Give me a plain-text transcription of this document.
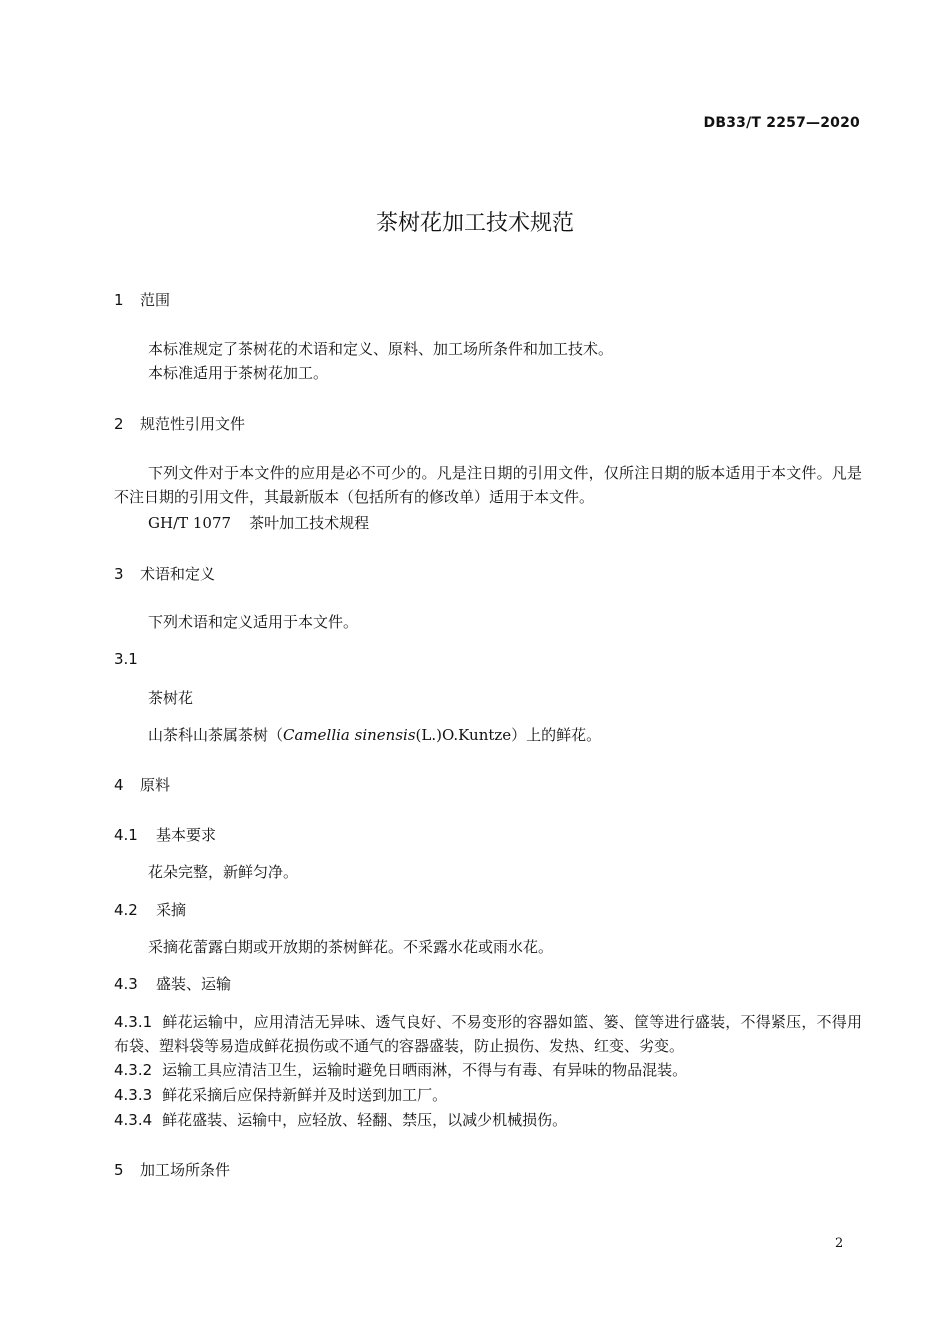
DB33/T 2257—2020
茶树花加工技术规范
1 范围
本标准规定了茶树花的术语和定义、原料、加工场所条件和加工技术。
本标准适用于茶树花加工。
2 规范性引用文件
下列文件对于本文件的应用是必不可少的。凡是注日期的引用文件，仅所注日期的版本适用于本文件。凡是不注日期的引用文件，其最新版本（包括所有的修改单）适用于本文件。
GH/T 1077 茶叶加工技术规程
3 术语和定义
下列术语和定义适用于本文件。
3.1
茶树花
山茶科山茶属茶树（Camellia sinensis(L.)O.Kuntze）上的鲜花。
4 原料
4.1 基本要求
花朵完整，新鲜匀净。
4.2 采摘
采摘花蕾露白期或开放期的茶树鲜花。不采露水花或雨水花。
4.3 盛装、运输
4.3.1 鲜花运输中，应用清洁无异味、透气良好、不易变形的容器如篮、篓、筐等进行盛装，不得紧压，不得用布袋、塑料袋等易造成鲜花损伤或不通气的容器盛装，防止损伤、发热、红变、劣变。
4.3.2 运输工具应清洁卫生，运输时避免日晒雨淋，不得与有毒、有异味的物品混装。
4.3.3 鲜花采摘后应保持新鲜并及时送到加工厂。
4.3.4 鲜花盛装、运输中，应轻放、轻翻、禁压，以减少机械损伤。
5 加工场所条件
2
